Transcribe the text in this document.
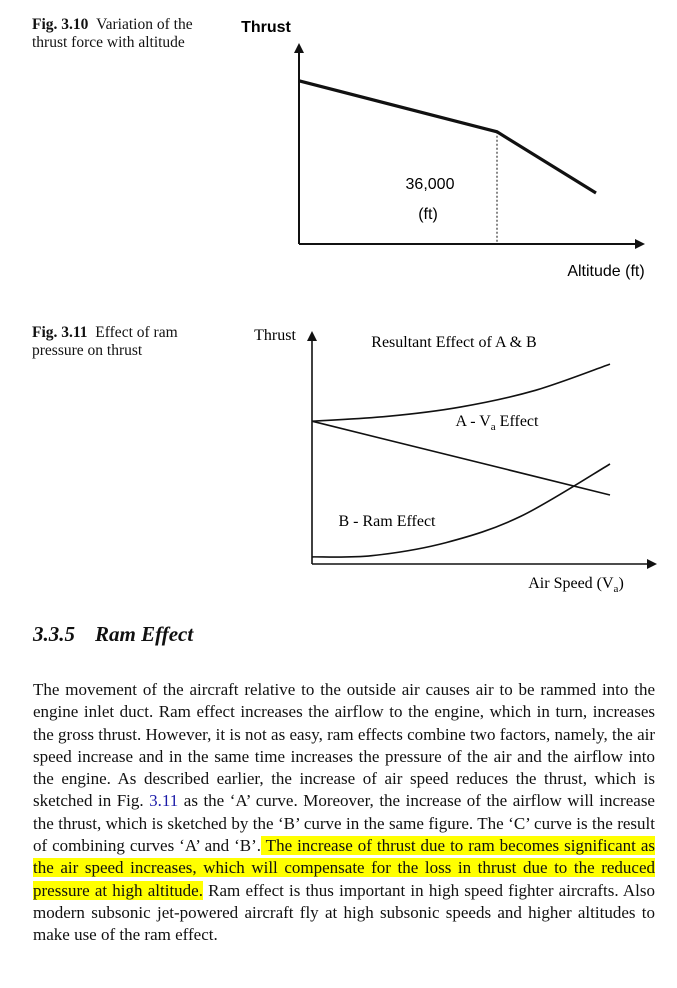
Fig. 3.10 Variation of the thrust force with altitude
Fig. 3.11 Effect of ram pressure on thrust
Thrust
Altitude (ft)
36,000
(ft)
Thrust
Air Speed $(V_a)$
Resultant Effect of A & B
A - $V_a$ Effect
B - Ram Effect
3.3.5 Ram Effect
The movement of the aircraft relative to the outside air causes air to be rammed into the engine inlet duct. Ram effect increases the airflow to the engine, which in turn, increases the gross thrust. However, it is not as easy, ram effects combine two factors, namely, the air speed increase and in the same time increases the pressure of the air and the airflow into the engine. As described earlier, the increase of air speed reduces the thrust, which is sketched in Fig. 3.11 as the ‘A’ curve. Moreover, the increase of the airflow will increase the thrust, which is sketched by the ‘B’ curve in the same figure. The ‘C’ curve is the result of combining curves ‘A’ and ‘B’. The increase of thrust due to ram becomes significant as the air speed increases, which will compensate for the loss in thrust due to the reduced pressure at high altitude. Ram effect is thus important in high speed fighter aircrafts. Also modern subsonic jet-powered aircraft fly at high subsonic speeds and higher altitudes to make use of the ram effect.
